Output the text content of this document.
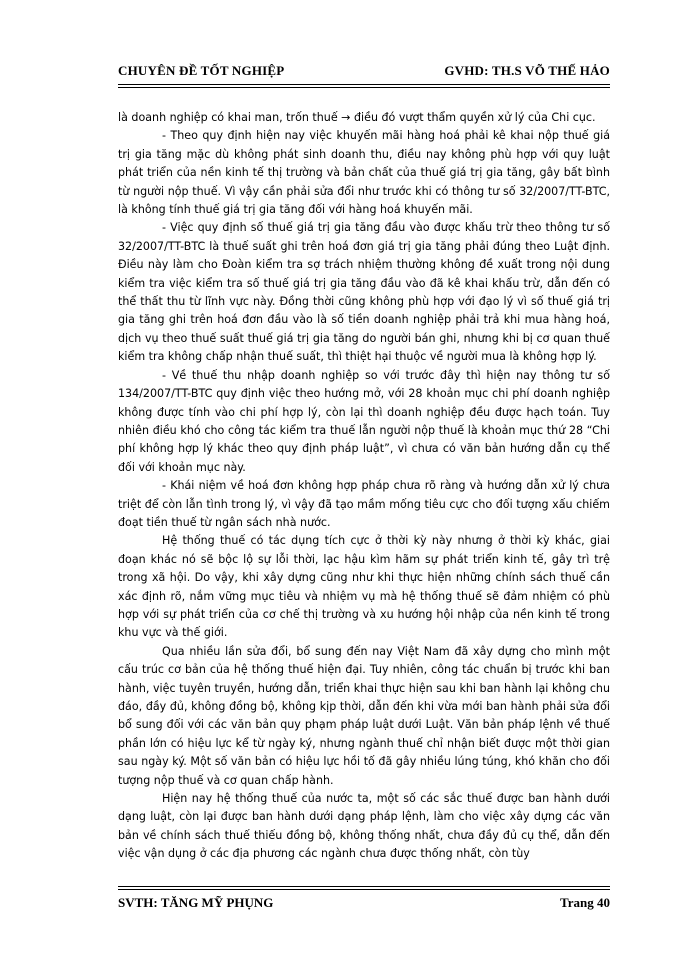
CHUYÊN ĐỀ TỐT NGHIỆP	GVHD: TH.S VÕ THẾ HẢO

là doanh nghiệp có khai man, trốn thuế → điều đó vượt thẩm quyền xử lý của Chi cục.

- Theo quy định hiện nay việc khuyến mãi hàng hoá phải kê khai nộp thuế giá trị gia tăng mặc dù không phát sinh doanh thu, điều nay không phù hợp với quy luật phát triển của nền kinh tế thị trường và bản chất của thuế giá trị gia tăng, gây bất bình từ người nộp thuế. Vì vậy cần phải sửa đổi như trước khi có thông tư số 32/2007/TT-BTC, là không tính thuế giá trị gia tăng đối với hàng hoá khuyến mãi.

- Việc quy định số thuế giá trị gia tăng đầu vào được khấu trừ theo thông tư số 32/2007/TT-BTC là thuế suất ghi trên hoá đơn giá trị gia tăng phải đúng theo Luật định. Điều này làm cho Đoàn kiểm tra sợ trách nhiệm thường không đề xuất trong nội dung kiểm tra việc kiểm tra số thuế giá trị gia tăng đầu vào đã kê khai khấu trừ, dẫn đến có thể thất thu từ lĩnh vực này. Đồng thời cũng không phù hợp với đạo lý vì số thuế giá trị gia tăng ghi trên hoá đơn đầu vào là số tiền doanh nghiệp phải trả khi mua hàng hoá, dịch vụ theo thuế suất thuế giá trị gia tăng do người bán ghi, nhưng khi bị cơ quan thuế kiểm tra không chấp nhận thuế suất, thì thiệt hại thuộc về người mua là không hợp lý.

- Về thuế thu nhập doanh nghiệp so với trước đây thì hiện nay thông tư số 134/2007/TT-BTC quy định việc theo hướng mở, với 28 khoản mục chi phí doanh nghiệp không được tính vào chi phí hợp lý, còn lại thì doanh nghiệp đều được hạch toán. Tuy nhiên điều khó cho công tác kiểm tra thuế lẫn người nộp thuế là khoản mục thứ 28 “Chi phí không hợp lý khác theo quy định pháp luật”, vì chưa có văn bản hướng dẫn cụ thể đối với khoản mục này.

- Khái niệm về hoá đơn không hợp pháp chưa rõ ràng và hướng dẫn xử lý chưa triệt để còn lẫn tình trong lý, vì vậy đã tạo mầm mống tiêu cực cho đối tượng xấu chiếm đoạt tiền thuế từ ngân sách nhà nước.

Hệ thống thuế có tác dụng tích cực ở thời kỳ này nhưng ở thời kỳ khác, giai đoạn khác nó sẽ bộc lộ sự lỗi thời, lạc hậu kìm hãm sự phát triển kinh tế, gây trì trệ trong xã hội. Do vậy, khi xây dựng cũng như khi thực hiện những chính sách thuế cần xác định rõ, nắm vững mục tiêu và nhiệm vụ mà hệ thống thuế sẽ đảm nhiệm có phù hợp với sự phát triển của cơ chế thị trường và xu hướng hội nhập của nền kinh tế trong khu vực và thế giới.

Qua nhiều lần sửa đổi, bổ sung đến nay Việt Nam đã xây dựng cho mình một cấu trúc cơ bản của hệ thống thuế hiện đại. Tuy nhiên, công tác chuẩn bị trước khi ban hành, việc tuyên truyền, hướng dẫn, triển khai thực hiện sau khi ban hành lại không chu đáo, đầy đủ, không đồng bộ, không kịp thời, dẫn đến khi vừa mới ban hành phải sửa đổi bổ sung đối với các văn bản quy phạm pháp luật dưới Luật. Văn bản pháp lệnh về thuế phần lớn có hiệu lực kể từ ngày ký, nhưng ngành thuế chỉ nhận biết được một thời gian sau ngày ký. Một số văn bản có hiệu lực hồi tố đã gây nhiều lúng túng, khó khăn cho đối tượng nộp thuế và cơ quan chấp hành.

Hiện nay hệ thống thuế của nước ta, một số các sắc thuế được ban hành dưới dạng luật, còn lại được ban hành dưới dạng pháp lệnh, làm cho việc xây dựng các văn bản về chính sách thuế thiếu đồng bộ, không thống nhất, chưa đầy đủ cụ thể, dẫn đến việc vận dụng ở các địa phương các ngành chưa được thống nhất, còn tùy

SVTH: TĂNG MỸ PHỤNG	Trang 40
